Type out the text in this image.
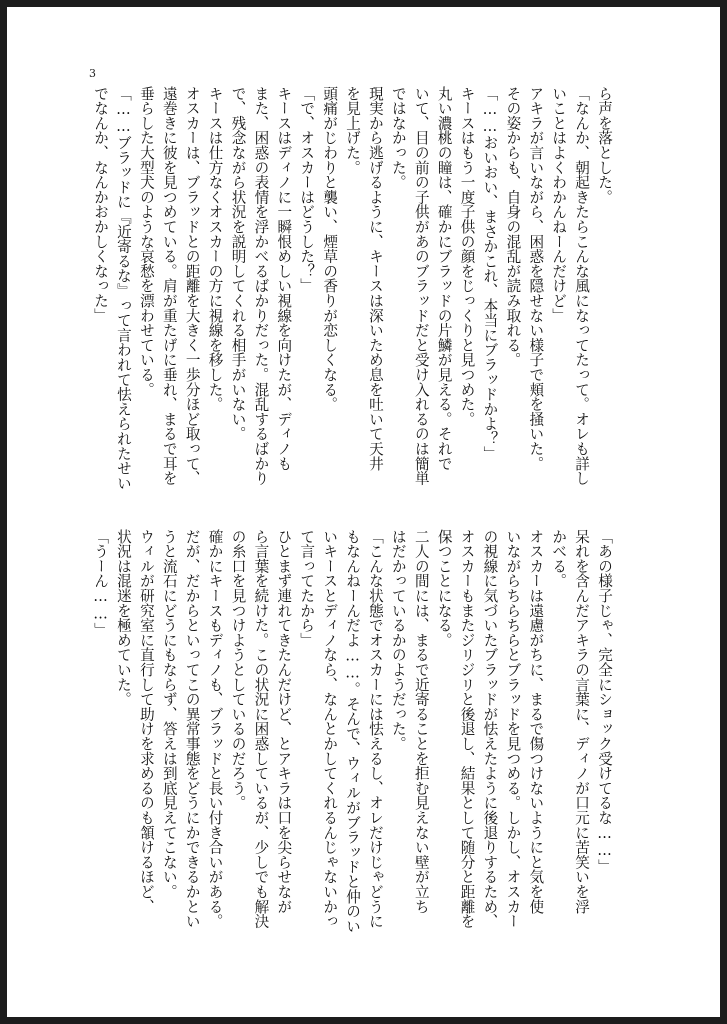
3
ら声を落とした。
「なんか、朝起きたらこんな風になってたって。オレも詳し
いことはよくわかんねーんだけど」
アキラが言いながら、困惑を隠せない様子で頬を掻いた。
その姿からも、自身の混乱が読み取れる。
「……おいおい、まさかこれ、本当にブラッドかよ？」
キースはもう一度子供の顔をじっくりと見つめた。
丸い濃桃の瞳は、確かにブラッドの片鱗が見える。それで
いて、目の前の子供があのブラッドだと受け入れるのは簡単
ではなかった。
現実から逃げるように、キースは深いため息を吐いて天井
を見上げた。
頭痛がじわりと襲い、煙草の香りが恋しくなる。
「で、オスカーはどうした？」
キースはディノに一瞬恨めしい視線を向けたが、ディノも
また、困惑の表情を浮かべるばかりだった。混乱するばかり
で、残念ながら状況を説明してくれる相手がいない。
キースは仕方なくオスカーの方に視線を移した。
オスカーは、ブラッドとの距離を大きく一歩分ほど取って、
遠巻きに彼を見つめている。肩が重たげに垂れ、まるで耳を
垂らした大型犬のような哀愁を漂わせている。
「……ブラッドに『近寄るな』って言われて怯えられたせい
でなんか、なんかおかしくなった」
「あの様子じゃ、完全にショック受けてるな……」
呆れを含んだアキラの言葉に、ディノが口元に苦笑いを浮
かべる。
オスカーは遠慮がちに、まるで傷つけないようにと気を使
いながらちらちらとブラッドを見つめる。しかし、オスカー
の視線に気づいたブラッドが怯えたように後退りするため、
オスカーもまたジリジリと後退し、結果として随分と距離を
保つことになる。
二人の間には、まるで近寄ることを拒む見えない壁が立ち
はだかっているかのようだった。
「こんな状態でオスカーには怯えるし、オレだけじゃどうに
もなんねーんだよ……。そんで、ウィルがブラッドと仲のい
いキースとディノなら、なんとかしてくれるんじゃないかっ
て言ってたから」
ひとまず連れてきたんだけど、とアキラは口を尖らせなが
ら言葉を続けた。この状況に困惑しているが、少しでも解決
の糸口を見つけようとしているのだろう。
確かにキースもディノも、ブラッドと長い付き合いがある。
だが、だからといってこの異常事態をどうにかできるかとい
うと流石にどうにもならず、答えは到底見えてこない。
ウィルが研究室に直行して助けを求めるのも頷けるほど、
状況は混迷を極めていた。
「うーん……」
